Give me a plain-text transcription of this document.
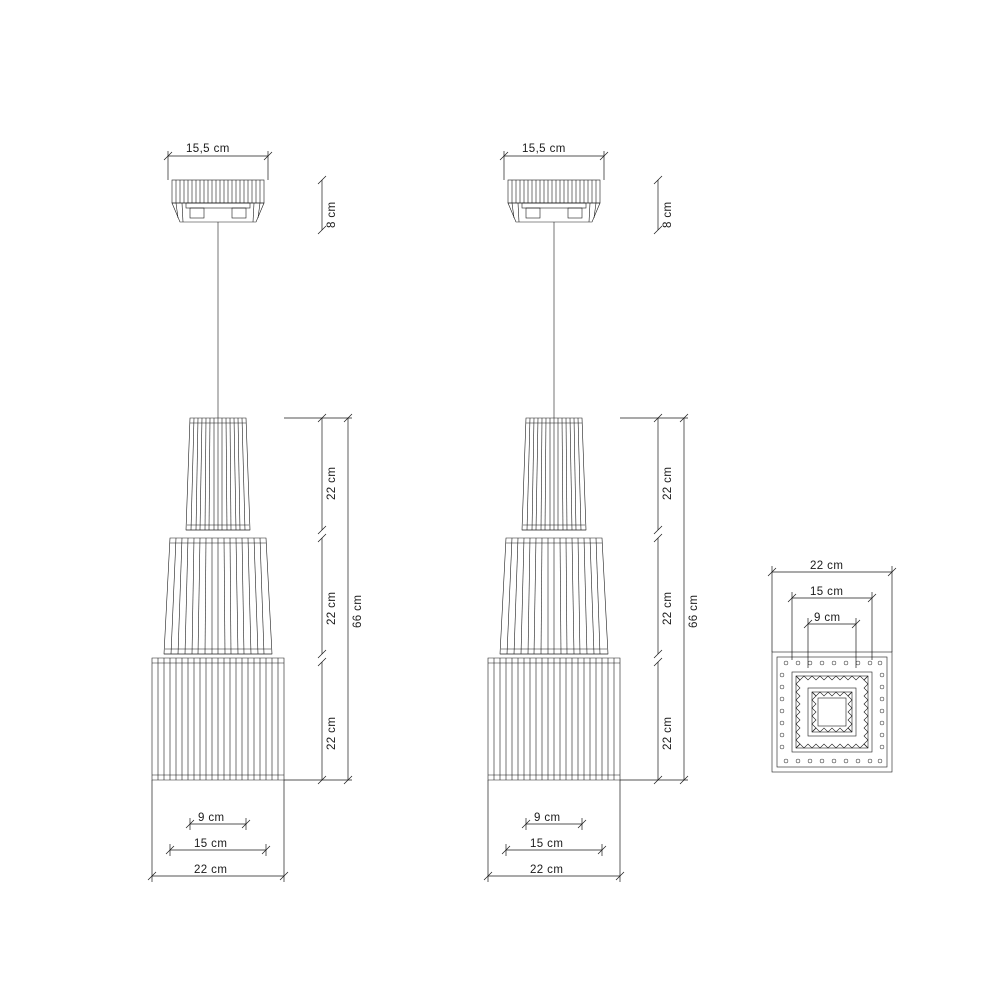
15,5 cm
8 cm
22 cm
22 cm
22 cm
66 cm
9 cm
15 cm
22 cm
15,5 cm
8 cm
22 cm
22 cm
22 cm
66 cm
9 cm
15 cm
22 cm
22 cm
15 cm
9 cm
